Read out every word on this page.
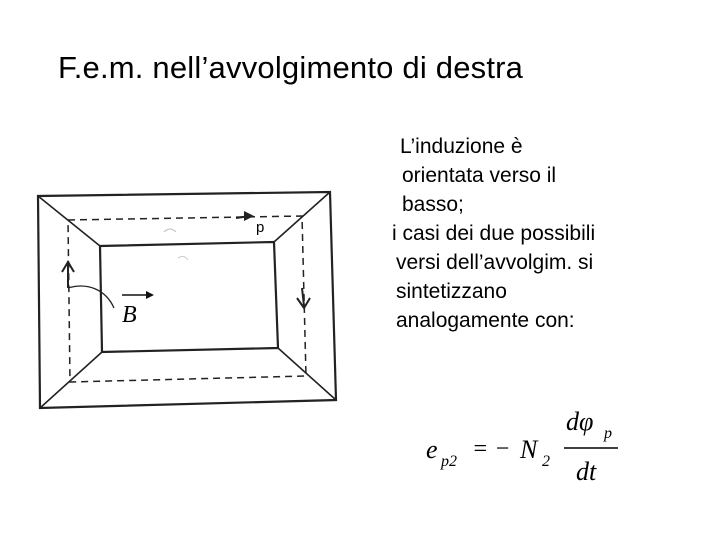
F.e.m. nell’avvolgimento di destra
p
B
L’induzione è
orientata verso il
basso;
i casi dei due possibili
versi dell’avvolgim. si
sintetizzano
analogamente con:
e p2 = − N 2
dφ p
dt
